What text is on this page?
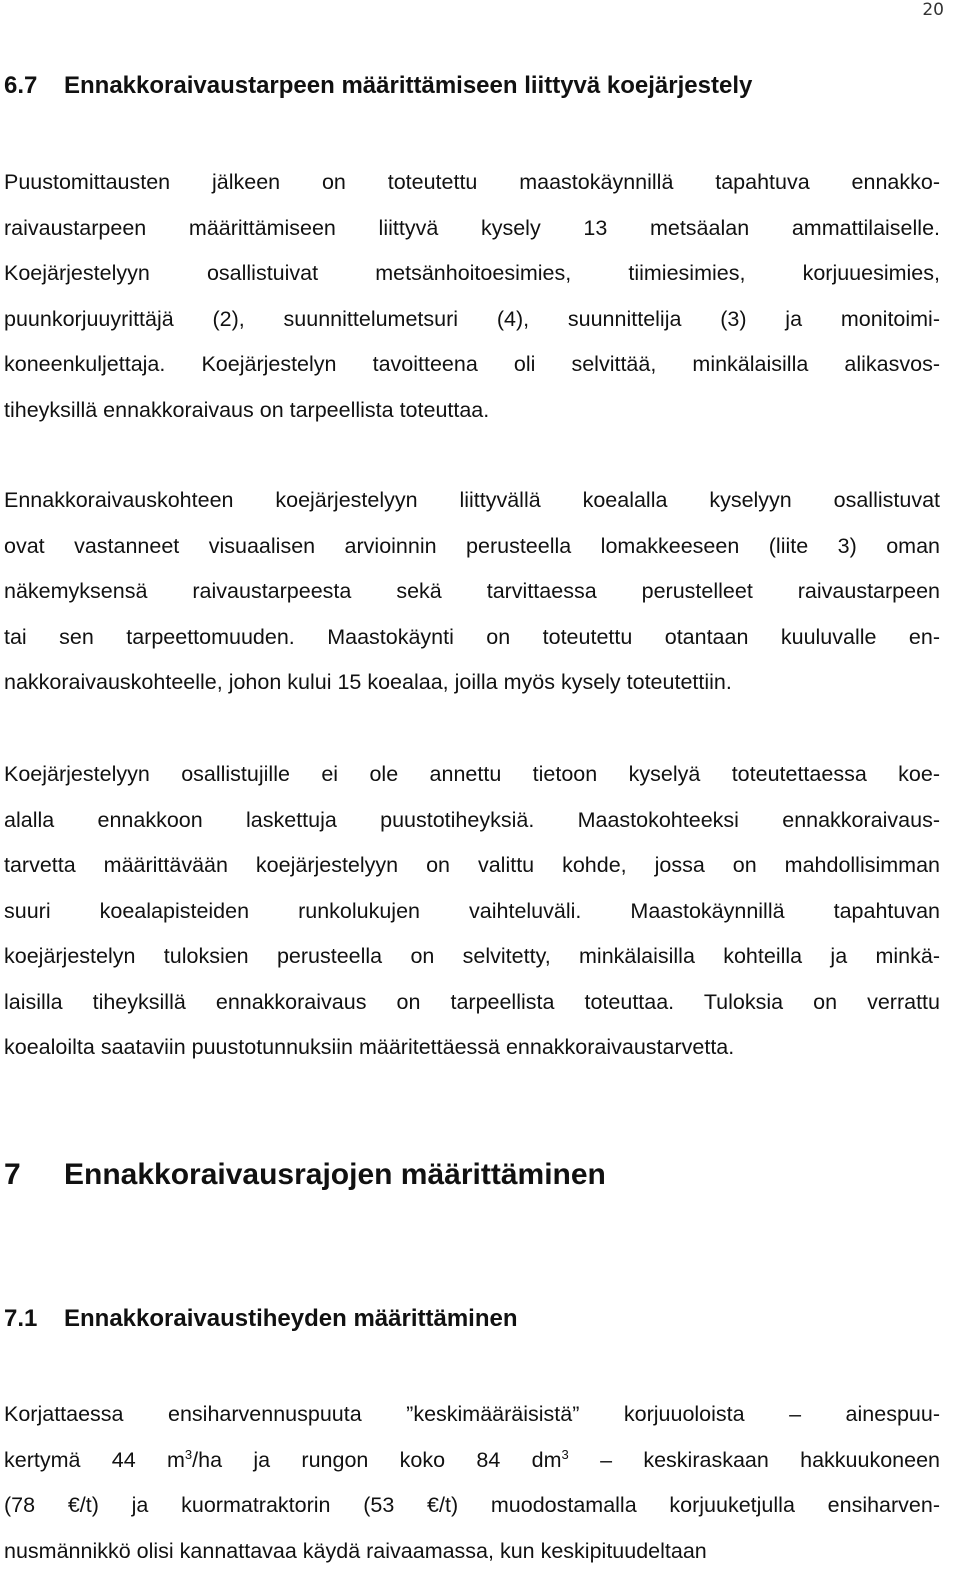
20
6.7 Ennakkoraivaustarpeen määrittämiseen liittyvä koejärjestely
Puustomittausten jälkeen on toteutettu maastokäynnillä tapahtuva ennakko-
raivaustarpeen määrittämiseen liittyvä kysely 13 metsäalan ammattilaiselle.
Koejärjestelyyn osallistuivat metsänhoitoesimies, tiimiesimies, korjuuesimies,
puunkorjuuyrittäjä (2), suunnittelumetsuri (4), suunnittelija (3) ja monitoimi-
koneenkuljettaja. Koejärjestelyn tavoitteena oli selvittää, minkälaisilla alikasvos-
tiheyksillä ennakkoraivaus on tarpeellista toteuttaa.
Ennakkoraivauskohteen koejärjestelyyn liittyvällä koealalla kyselyyn osallistuvat
ovat vastanneet visuaalisen arvioinnin perusteella lomakkeeseen (liite 3) oman
näkemyksensä raivaustarpeesta sekä tarvittaessa perustelleet raivaustarpeen
tai sen tarpeettomuuden. Maastokäynti on toteutettu otantaan kuuluvalle en-
nakkoraivauskohteelle, johon kului 15 koealaa, joilla myös kysely toteutettiin.
Koejärjestelyyn osallistujille ei ole annettu tietoon kyselyä toteutettaessa koe-
alalla ennakkoon laskettuja puustotiheyksiä. Maastokohteeksi ennakkoraivaus-
tarvetta määrittävään koejärjestelyyn on valittu kohde, jossa on mahdollisimman
suuri koealapisteiden runkolukujen vaihteluväli. Maastokäynnillä tapahtuvan
koejärjestelyn tuloksien perusteella on selvitetty, minkälaisilla kohteilla ja minkä-
laisilla tiheyksillä ennakkoraivaus on tarpeellista toteuttaa. Tuloksia on verrattu
koealoilta saataviin puustotunnuksiin määritettäessä ennakkoraivaustarvetta.
7 Ennakkoraivausrajojen määrittäminen
7.1 Ennakkoraivaustiheyden määrittäminen
Korjattaessa ensiharvennuspuuta ”keskimääräisistä” korjuuoloista – ainespuu-
kertymä 44 $m^3/ha$ ja rungon koko 84 $dm^3$ – keskiraskaan hakkuukoneen
(78 €/t) ja kuormatraktorin (53 €/t) muodostamalla korjuuketjulla ensiharven-
nusmännikkö olisi kannattavaa käydä raivaamassa, kun keskipituudeltaan
